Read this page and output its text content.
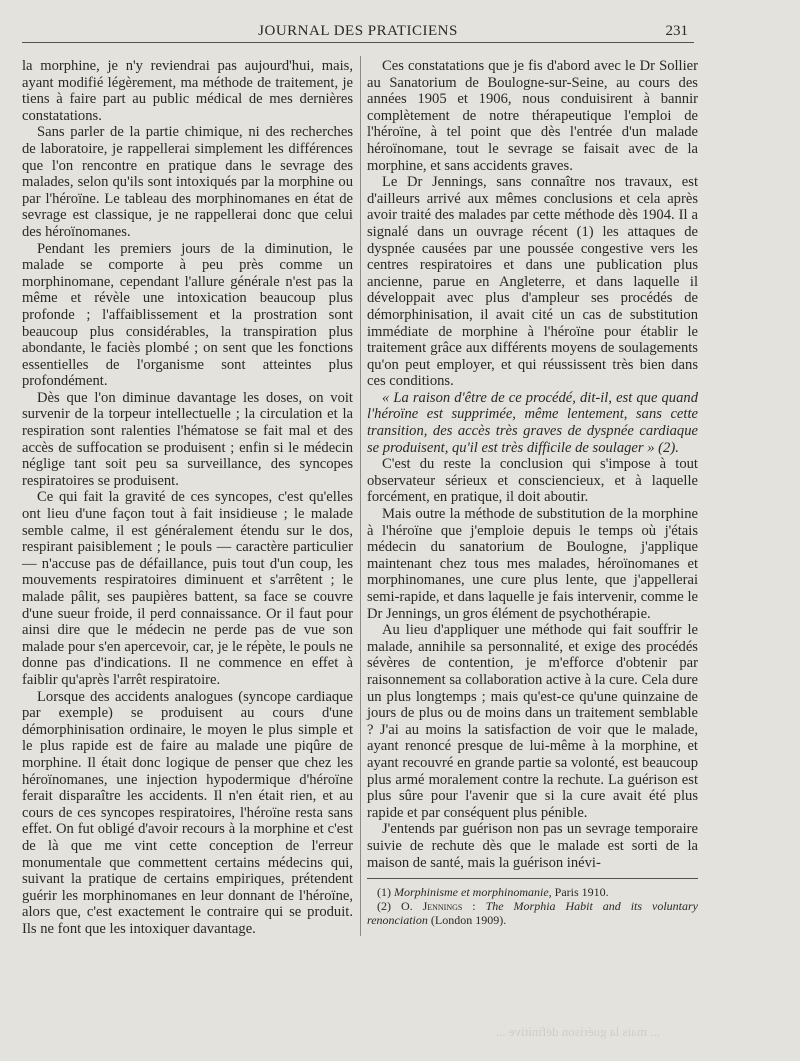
JOURNAL DES PRATICIENS	231

la morphine, je n'y reviendrai pas aujourd'hui, mais, ayant modifié légèrement, ma méthode de traitement, je tiens à faire part au public médical de mes dernières constatations.

Sans parler de la partie chimique, ni des recherches de laboratoire, je rappellerai simplement les différences que l'on rencontre en pratique dans le sevrage des malades, selon qu'ils sont intoxiqués par la morphine ou par l'héroïne. Le tableau des morphinomanes en état de sevrage est classique, je ne rappellerai donc que celui des héroïnomanes.

Pendant les premiers jours de la diminution, le malade se comporte à peu près comme un morphinomane, cependant l'allure générale n'est pas la même et révèle une intoxication beaucoup plus profonde ; l'affaiblissement et la prostration sont beaucoup plus considérables, la transpiration plus abondante, le faciès plombé ; on sent que les fonctions essentielles de l'organisme sont atteintes plus profondément.

Dès que l'on diminue davantage les doses, on voit survenir de la torpeur intellectuelle ; la circulation et la respiration sont ralenties l'hématose se fait mal et des accès de suffocation se produisent ; enfin si le médecin néglige tant soit peu sa surveillance, des syncopes respiratoires se produisent.

Ce qui fait la gravité de ces syncopes, c'est qu'elles ont lieu d'une façon tout à fait insidieuse ; le malade semble calme, il est généralement étendu sur le dos, respirant paisiblement ; le pouls — caractère particulier — n'accuse pas de défaillance, puis tout d'un coup, les mouvements respiratoires diminuent et s'arrêtent ; le malade pâlit, ses paupières battent, sa face se couvre d'une sueur froide, il perd connaissance. Or il faut pour ainsi dire que le médecin ne perde pas de vue son malade pour s'en apercevoir, car, je le répète, le pouls ne donne pas d'indications. Il ne commence en effet à faiblir qu'après l'arrêt respiratoire.

Lorsque des accidents analogues (syncope cardiaque par exemple) se produisent au cours d'une démorphinisation ordinaire, le moyen le plus simple et le plus rapide est de faire au malade une piqûre de morphine. Il était donc logique de penser que chez les héroïnomanes, une injection hypodermique d'héroïne ferait disparaître les accidents. Il n'en était rien, et au cours de ces syncopes respiratoires, l'héroïne resta sans effet. On fut obligé d'avoir recours à la morphine et c'est de là que me vint cette conception de l'erreur monumentale que commettent certains médecins qui, suivant la pratique de certains empiriques, prétendent guérir les morphinomanes en leur donnant de l'héroïne, alors que, c'est exactement le contraire qui se produit. Ils ne font que les intoxiquer davantage.

Ces constatations que je fis d'abord avec le Dr Sollier au Sanatorium de Boulogne-sur-Seine, au cours des années 1905 et 1906, nous conduisirent à bannir complètement de notre thérapeutique l'emploi de l'héroïne, à tel point que dès l'entrée d'un malade héroïnomane, tout le sevrage se faisait avec de la morphine, et sans accidents graves.

Le Dr Jennings, sans connaître nos travaux, est d'ailleurs arrivé aux mêmes conclusions et cela après avoir traité des malades par cette méthode dès 1904. Il a signalé dans un ouvrage récent (1) les attaques de dyspnée causées par une poussée congestive vers les centres respiratoires et dans une publication plus ancienne, parue en Angleterre, et dans laquelle il développait avec plus d'ampleur ses procédés de démorphinisation, il avait cité un cas de substitution immédiate de morphine à l'héroïne pour établir le traitement grâce aux différents moyens de soulagements qu'on peut employer, et qui réussissent très bien dans ces conditions.

« La raison d'être de ce procédé, dit-il, est que quand l'héroïne est supprimée, même lentement, sans cette transition, des accès très graves de dyspnée cardiaque se produisent, qu'il est très difficile de soulager » (2).

C'est du reste la conclusion qui s'impose à tout observateur sérieux et consciencieux, et à laquelle forcément, en pratique, il doit aboutir.

Mais outre la méthode de substitution de la morphine à l'héroïne que j'emploie depuis le temps où j'étais médecin du sanatorium de Boulogne, j'applique maintenant chez tous mes malades, héroïnomanes et morphinomanes, une cure plus lente, que j'appellerai semi-rapide, et dans laquelle je fais intervenir, comme le Dr Jennings, un gros élément de psychothérapie.

Au lieu d'appliquer une méthode qui fait souffrir le malade, annihile sa personnalité, et exige des procédés sévères de contention, je m'efforce d'obtenir par raisonnement sa collaboration active à la cure. Cela dure un plus longtemps ; mais qu'est-ce qu'une quinzaine de jours de plus ou de moins dans un traitement semblable ? J'ai au moins la satisfaction de voir que le malade, ayant renoncé presque de lui-même à la morphine, et ayant recouvré en grande partie sa volonté, est beaucoup plus armé moralement contre la rechute. La guérison est plus sûre pour l'avenir que si la cure avait été plus rapide et par conséquent plus pénible.

J'entends par guérison non pas un sevrage temporaire suivie de rechute dès que le malade est sorti de la maison de santé, mais la guérison inévi-

(1) Morphinisme et morphinomanie, Paris 1910.

(2) O. Jennings : The Morphia Habit and its voluntary renonciation (London 1909).

... mais la guérison définitive ...
